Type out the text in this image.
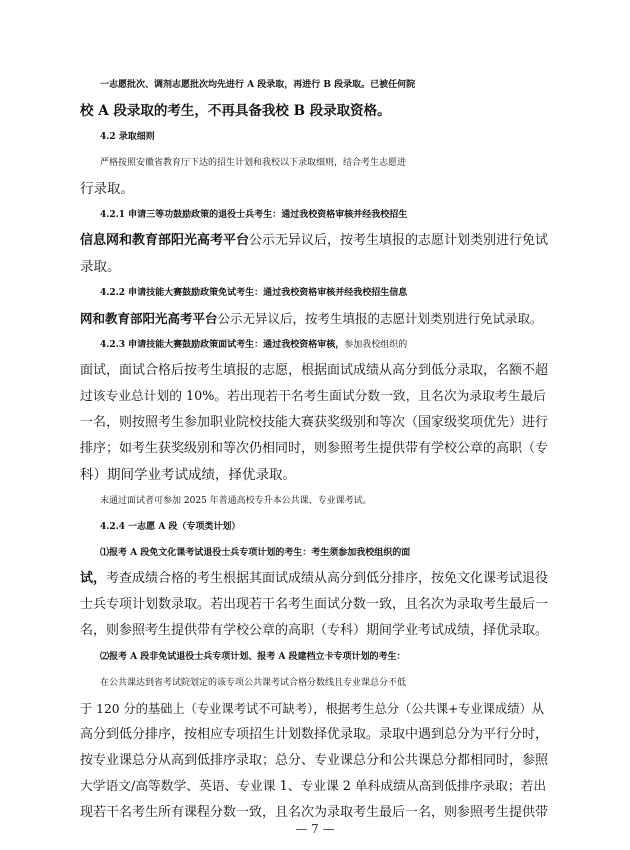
一志愿批次、调剂志愿批次均先进行 A 段录取，再进行 B 段录取。已被任何院
校 A 段录取的考生，不再具备我校 B 段录取资格。
4.2 录取细则
严格按照安徽省教育厅下达的招生计划和我校以下录取细则，结合考生志愿进
行录取。
4.2.1 申请三等功鼓励政策的退役士兵考生：通过我校资格审核并经我校招生
信息网和教育部阳光高考平台公示无异议后，按考生填报的志愿计划类别进行免试
录取。
4.2.2 申请技能大赛鼓励政策免试考生：通过我校资格审核并经我校招生信息
网和教育部阳光高考平台公示无异议后，按考生填报的志愿计划类别进行免试录取。
4.2.3 申请技能大赛鼓励政策面试考生：通过我校资格审核，参加我校组织的
面试，面试合格后按考生填报的志愿，根据面试成绩从高分到低分录取，名额不超
过该专业总计划的 10%。若出现若干名考生面试分数一致，且名次为录取考生最后
一名，则按照考生参加职业院校技能大赛获奖级别和等次（国家级奖项优先）进行
排序；如考生获奖级别和等次仍相同时，则参照考生提供带有学校公章的高职（专
科）期间学业考试成绩，择优录取。
未通过面试者可参加 2025 年普通高校专升本公共课、专业课考试。
4.2.4 一志愿 A 段（专项类计划）
⑴报考 A 段免文化课考试退役士兵专项计划的考生：考生须参加我校组织的面
试，考查成绩合格的考生根据其面试成绩从高分到低分排序，按免文化课考试退役
士兵专项计划数录取。若出现若干名考生面试分数一致，且名次为录取考生最后一
名，则参照考生提供带有学校公章的高职（专科）期间学业考试成绩，择优录取。
⑵报考 A 段非免试退役士兵专项计划、报考 A 段建档立卡专项计划的考生：
在公共课达到省考试院划定的该专项公共课考试合格分数线且专业课总分不低
于 120 分的基础上（专业课考试不可缺考），根据考生总分（公共课+专业课成绩）从
高分到低分排序，按相应专项招生计划数择优录取。录取中遇到总分为平行分时，
按专业课总分从高到低排序录取；总分、专业课总分和公共课总分都相同时，参照
大学语文/高等数学、英语、专业课 1、专业课 2 单科成绩从高到低排序录取；若出
现若干名考生所有课程分数一致，且名次为录取考生最后一名，则参照考生提供带
— 7 —
